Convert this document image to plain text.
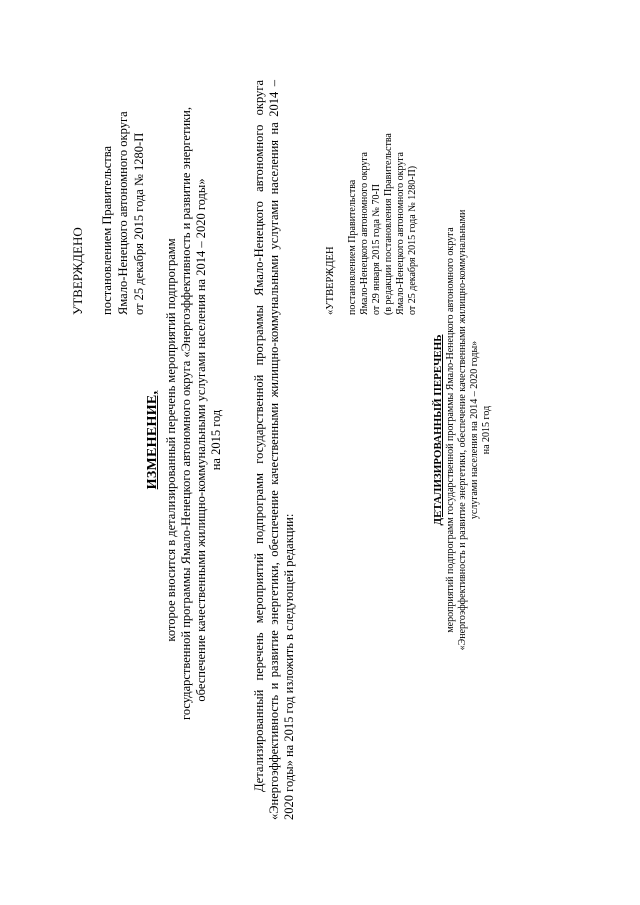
УТВЕРЖДЕНО постановлением Правительства Ямало-Ненецкого автономного округа от 25 декабря 2015 года № 1280-П
ИЗМЕНЕНИЕ, которое вносится в детализированный перечень мероприятий подпрограмм государственной программы Ямало-Ненецкого автономного округа «Энергоэффективность и развитие энергетики, обеспечение качественными жилищно-коммунальными услугами населения на 2014 – 2020 годы» на 2015 год Детализированный перечень мероприятий подпрограмм государственной программы Ямало-Ненецкого автономного округа «Энергоэффективность и развитие энергетики, обеспечение качественными жилищно-коммунальными услугами населения на 2014 – 2020 годы» на 2015 год изложить в следующей редакции:
«УТВЕРЖДЕН постановлением Правительства Ямало-Ненецкого автономного округа от 29 января 2015 года № 70-П (в редакции постановления Правительства Ямало-Ненецкого автономного округа от 25 декабря 2015 года № 1280-П)
ДЕТАЛИЗИРОВАННЫЙ ПЕРЕЧЕНЬ мероприятий подпрограмм государственной программы Ямало-Ненецкого автономного округа «Энергоэффективность и развитие энергетики, обеспечение качественными жилищно-коммунальными услугами населения на 2014 – 2020 годы» на 2015 год
